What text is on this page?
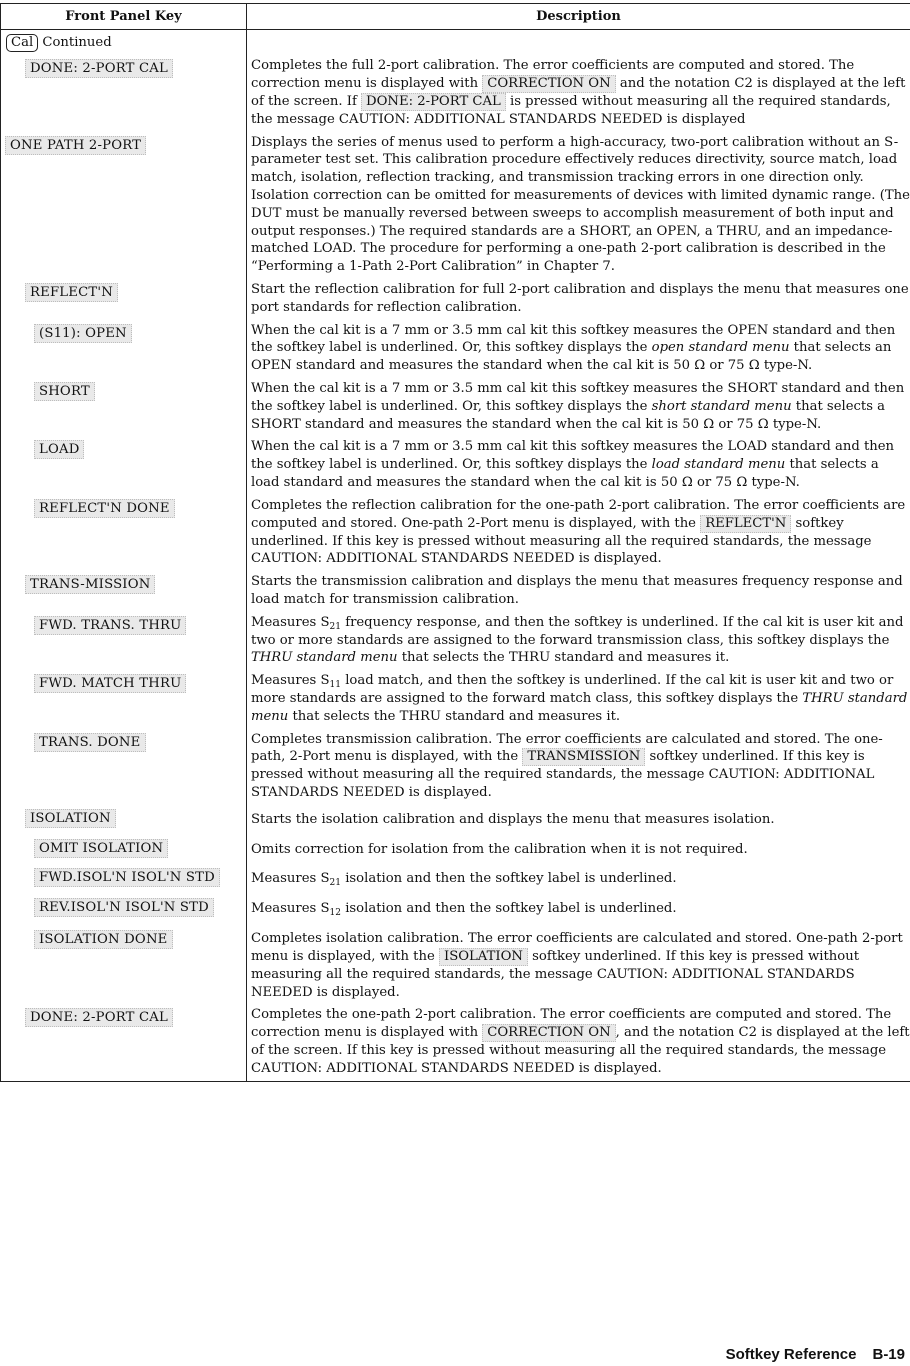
Front Panel Key	Description
Cal Continued	

DONE: 2-PORT CAL	Completes the full 2-port calibration. The error coefficients are computed and stored. The correction menu is displayed with CORRECTION ON and the notation C2 is displayed at the left of the screen. If DONE: 2-PORT CAL is pressed without measuring all the required standards, the message CAUTION: ADDITIONAL STANDARDS NEEDED is displayed

ONE PATH 2-PORT	Displays the series of menus used to perform a high-accuracy, two-port calibration without an S-parameter test set. This calibration procedure effectively reduces directivity, source match, load match, isolation, reflection tracking, and transmission tracking errors in one direction only. Isolation correction can be omitted for measurements of devices with limited dynamic range. (The DUT must be manually reversed between sweeps to accomplish measurement of both input and output responses.) The required standards are a SHORT, an OPEN, a THRU, and an impedance-matched LOAD. The procedure for performing a one-path 2-port calibration is described in the “Performing a 1-Path 2-Port Calibration” in Chapter 7.

REFLECT'N	Start the reflection calibration for full 2-port calibration and displays the menu that measures one port standards for reflection calibration.

(S11): OPEN	When the cal kit is a 7 mm or 3.5 mm cal kit this softkey measures the OPEN standard and then the softkey label is underlined. Or, this softkey displays the open standard menu that selects an OPEN standard and measures the standard when the cal kit is 50 Ω or 75 Ω type-N.

SHORT	When the cal kit is a 7 mm or 3.5 mm cal kit this softkey measures the SHORT standard and then the softkey label is underlined. Or, this softkey displays the short standard menu that selects a SHORT standard and measures the standard when the cal kit is 50 Ω or 75 Ω type-N.

LOAD	When the cal kit is a 7 mm or 3.5 mm cal kit this softkey measures the LOAD standard and then the softkey label is underlined. Or, this softkey displays the load standard menu that selects a load standard and measures the standard when the cal kit is 50 Ω or 75 Ω type-N.

REFLECT'N DONE	Completes the reflection calibration for the one-path 2-port calibration. The error coefficients are computed and stored. One-path 2-Port menu is displayed, with the REFLECT'N softkey underlined. If this key is pressed without measuring all the required standards, the message CAUTION: ADDITIONAL STANDARDS NEEDED is displayed.

TRANS-MISSION	Starts the transmission calibration and displays the menu that measures frequency response and load match for transmission calibration.

FWD. TRANS. THRU	Measures $S_{21}$ frequency response, and then the softkey is underlined. If the cal kit is user kit and two or more standards are assigned to the forward transmission class, this softkey displays the THRU standard menu that selects the THRU standard and measures it.

FWD. MATCH THRU	Measures $S_{11}$ load match, and then the softkey is underlined. If the cal kit is user kit and two or more standards are assigned to the forward match class, this softkey displays the THRU standard menu that selects the THRU standard and measures it.

TRANS. DONE	Completes transmission calibration. The error coefficients are calculated and stored. The one-path, 2-Port menu is displayed, with the TRANSMISSION softkey underlined. If this key is pressed without measuring all the required standards, the message CAUTION: ADDITIONAL STANDARDS NEEDED is displayed.

ISOLATION	Starts the isolation calibration and displays the menu that measures isolation.

OMIT ISOLATION	Omits correction for isolation from the calibration when it is not required.

FWD.ISOL'N ISOL'N STD	Measures $S_{21}$ isolation and then the softkey label is underlined.

REV.ISOL'N ISOL'N STD	Measures $S_{12}$ isolation and then the softkey label is underlined.

ISOLATION DONE	Completes isolation calibration. The error coefficients are calculated and stored. One-path 2-port menu is displayed, with the ISOLATION softkey underlined. If this key is pressed without measuring all the required standards, the message CAUTION: ADDITIONAL STANDARDS NEEDED is displayed.

DONE: 2-PORT CAL	Completes the one-path 2-port calibration. The error coefficients are computed and stored. The correction menu is displayed with CORRECTION ON , and the notation C2 is displayed at the left of the screen. If this key is pressed without measuring all the required standards, the message CAUTION: ADDITIONAL STANDARDS NEEDED is displayed.
Softkey Reference B-19
